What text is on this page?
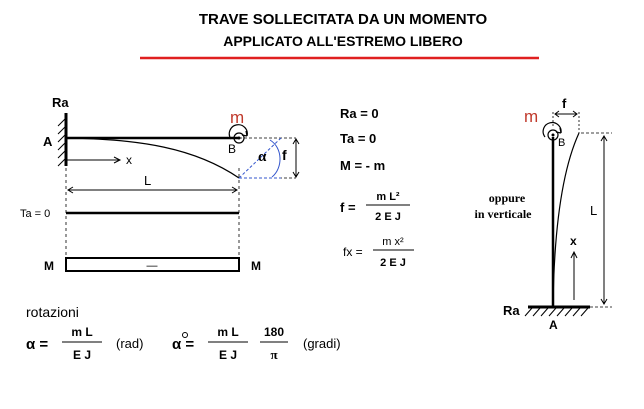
TRAVE SOLLECITATA DA UN MOMENTO
APPLICATO ALL'ESTREMO LIBERO
Ra
A
m
B α f
x
L
Ta = 0
M	—	M
Ra = 0
Ta = 0
M = - m
f =
m L²
2 E J
fx =
m x²
2 E J
rotazioni
α =
m L
E J
(rad) α =
m L
E J
180
π
(gradi)
oppure
in verticale
Ra
A
m
B
f
L
x
